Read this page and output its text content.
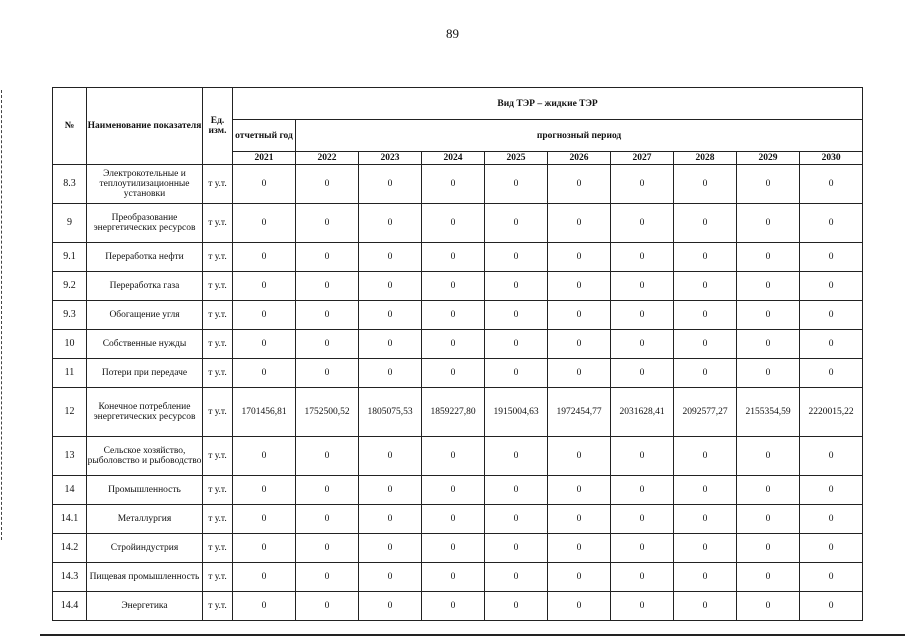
89
№	Наименование показателя	Ед. изм.	Вид ТЭР – жидкие ТЭР									
			отчетный год	прогнозный период								
			2021	2022	2023	2024	2025	2026	2027	2028	2029	2030
8.3	Электрокотельные и теплоутилизационные установки	т у.т.	0	0	0	0	0	0	0	0	0	0
9	Преобразование энергетических ресурсов	т у.т.	0	0	0	0	0	0	0	0	0	0
9.1	Переработка нефти	т у.т.	0	0	0	0	0	0	0	0	0	0
9.2	Переработка газа	т у.т.	0	0	0	0	0	0	0	0	0	0
9.3	Обогащение угля	т у.т.	0	0	0	0	0	0	0	0	0	0
10	Собственные нужды	т у.т.	0	0	0	0	0	0	0	0	0	0
11	Потери при передаче	т у.т.	0	0	0	0	0	0	0	0	0	0
12	Конечное потребление энергетических ресурсов	т у.т.	1701456,81	1752500,52	1805075,53	1859227,80	1915004,63	1972454,77	2031628,41	2092577,27	2155354,59	2220015,22
13	Сельское хозяйство, рыболовство и рыбоводство	т у.т.	0	0	0	0	0	0	0	0	0	0
14	Промышленность	т у.т.	0	0	0	0	0	0	0	0	0	0
14.1	Металлургия	т у.т.	0	0	0	0	0	0	0	0	0	0
14.2	Стройиндустрия	т у.т.	0	0	0	0	0	0	0	0	0	0
14.3	Пищевая промышленность	т у.т.	0	0	0	0	0	0	0	0	0	0
14.4	Энергетика	т у.т.	0	0	0	0	0	0	0	0	0	0
